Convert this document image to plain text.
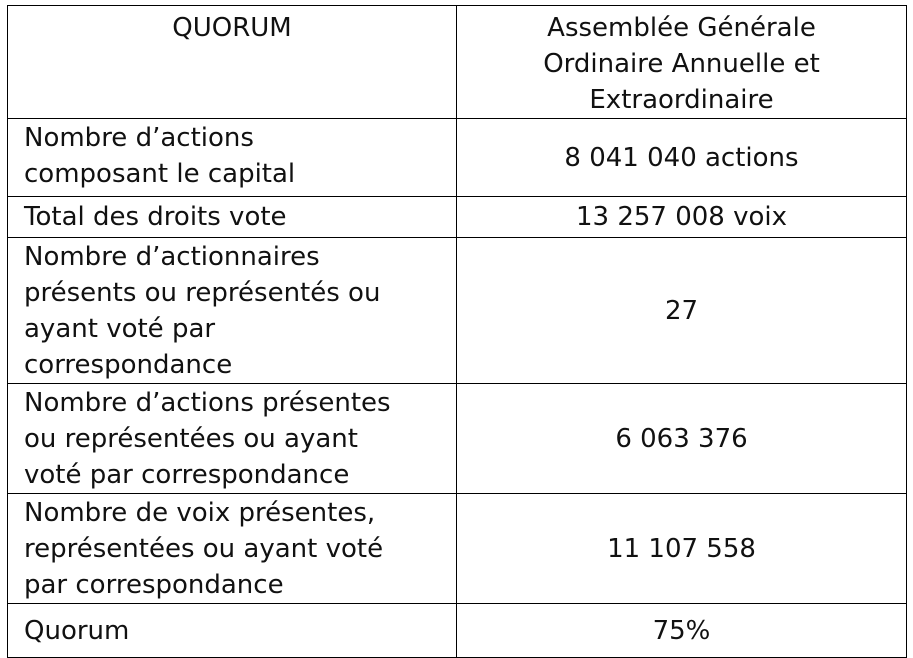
QUORUM	Assemblée Générale
Ordinaire Annuelle et
Extraordinaire

Nombre d’actions
composant le capital	8 041 040 actions

Total des droits vote	13 257 008 voix

Nombre d’actionnaires
présents ou représentés ou
ayant voté par
correspondance	27

Nombre d’actions présentes
ou représentées ou ayant
voté par correspondance	6 063 376

Nombre de voix présentes,
représentées ou ayant voté
par correspondance	11 107 558

Quorum	75%
